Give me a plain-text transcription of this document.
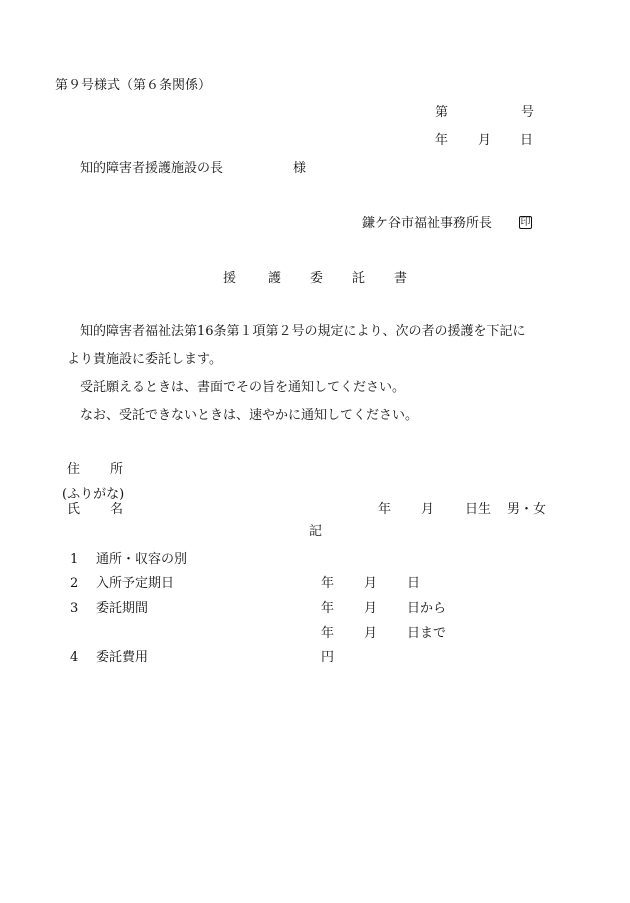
第９号様式（第６条関係）
第	号
年 月 日
知的障害者援護施設の長	様
鎌ケ谷市福祉事務所長	印
援 護 委 託 書
知的障害者福祉法第16条第１項第２号の規定により、次の者の援護を下記に
より貴施設に委託します。
受託願えるときは、書面でその旨を通知してください。
なお、受託できないときは、速やかに通知してください。
住 所
(ふりがな)
氏 名	年 月 日生 男・女
記
1 通所・収容の別
2 入所予定期日	年 月 日
3 委託期間	年 月 日から
年 月 日まで
4 委託費用	円
